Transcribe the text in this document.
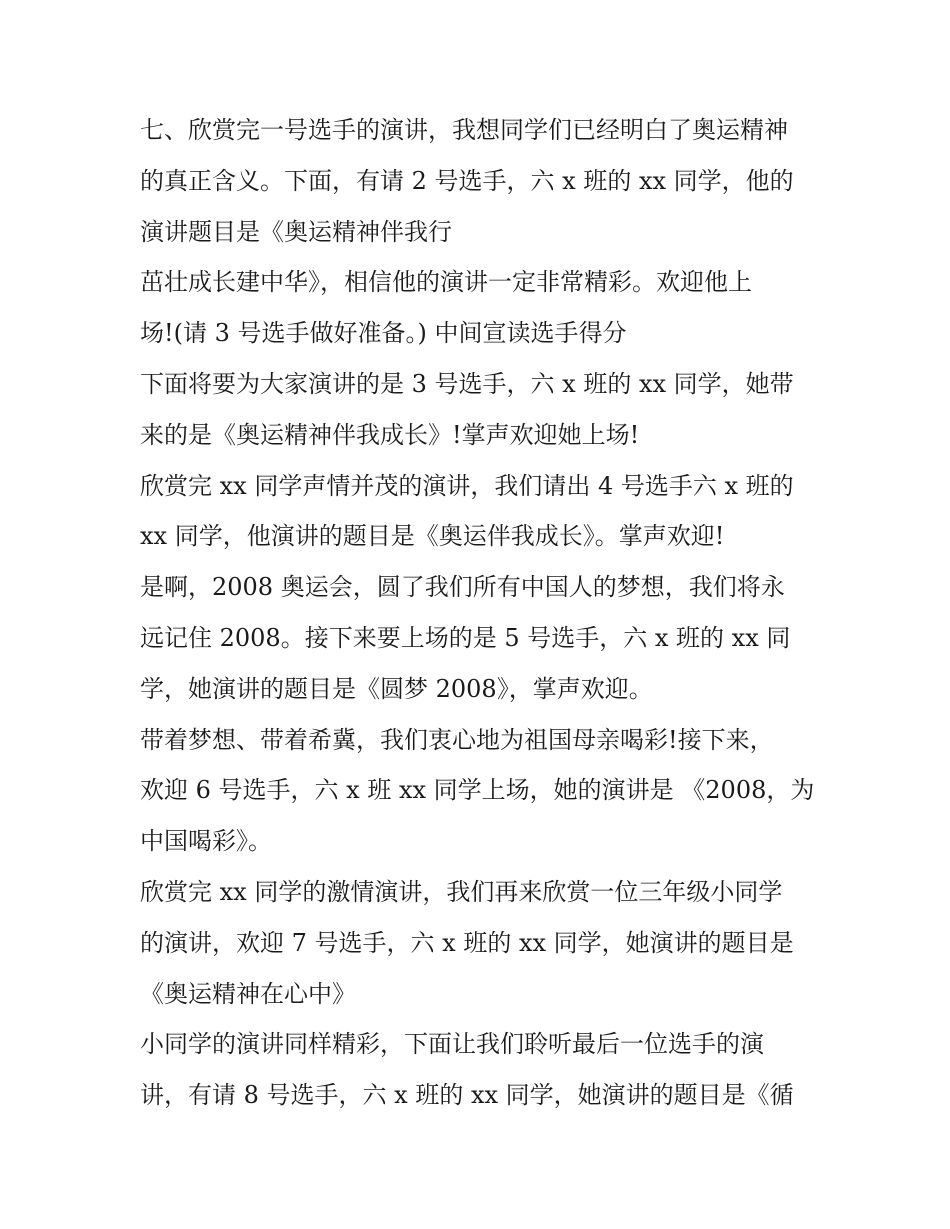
七、欣赏完一号选手的演讲，我想同学们已经明白了奥运精神
的真正含义。下面，有请 2 号选手，六 x 班的 xx 同学，他的
演讲题目是《奥运精神伴我行
茁壮成长建中华》，相信他的演讲一定非常精彩。欢迎他上
场!(请 3 号选手做好准备。) 中间宣读选手得分
下面将要为大家演讲的是 3 号选手，六 x 班的 xx 同学，她带
来的是《奥运精神伴我成长》!掌声欢迎她上场!
欣赏完 xx 同学声情并茂的演讲，我们请出 4 号选手六 x 班的
xx 同学，他演讲的题目是《奥运伴我成长》。掌声欢迎!
是啊，2008 奥运会，圆了我们所有中国人的梦想，我们将永
远记住 2008。接下来要上场的是 5 号选手，六 x 班的 xx 同
学，她演讲的题目是《圆梦 2008》，掌声欢迎。
带着梦想、带着希冀，我们衷心地为祖国母亲喝彩!接下来，
欢迎 6 号选手，六 x 班 xx 同学上场，她的演讲是 《2008，为
中国喝彩》。
欣赏完 xx 同学的激情演讲，我们再来欣赏一位三年级小同学
的演讲，欢迎 7 号选手，六 x 班的 xx 同学，她演讲的题目是
《奥运精神在心中》
小同学的演讲同样精彩，下面让我们聆听最后一位选手的演
讲，有请 8 号选手，六 x 班的 xx 同学，她演讲的题目是《循
